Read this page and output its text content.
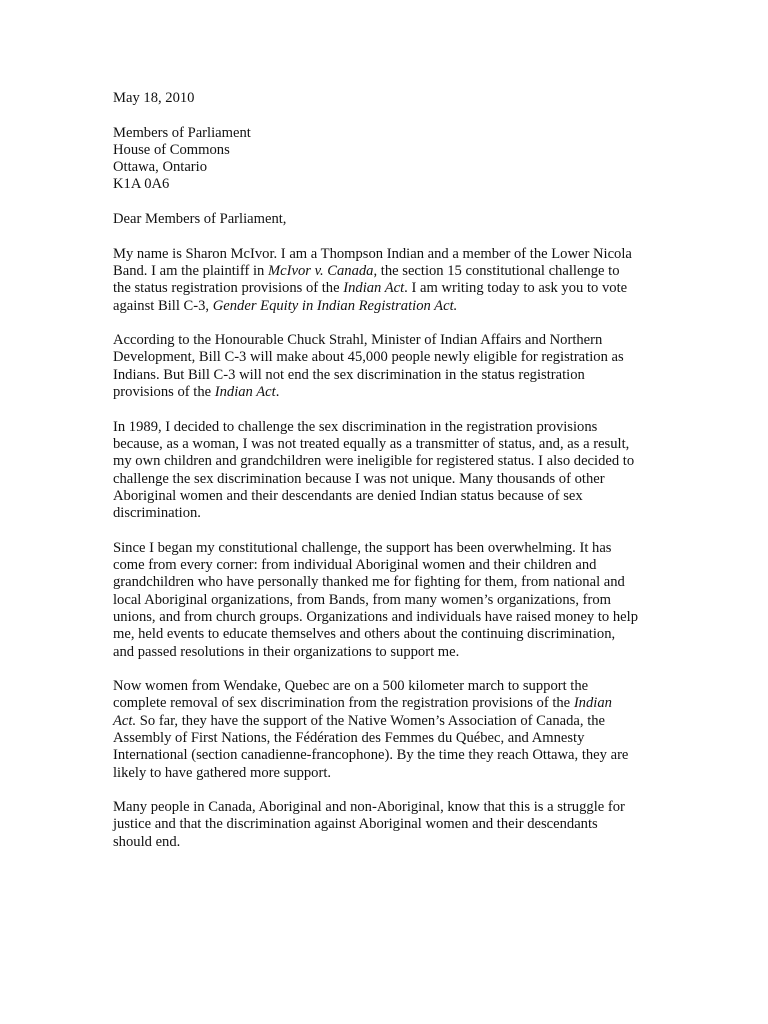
May 18, 2010

Members of Parliament
House of Commons
Ottawa, Ontario
K1A 0A6

Dear Members of Parliament,

My name is Sharon McIvor. I am a Thompson Indian and a member of the Lower Nicola
Band. I am the plaintiff in McIvor v. Canada, the section 15 constitutional challenge to
the status registration provisions of the Indian Act. I am writing today to ask you to vote
against Bill C-3, Gender Equity in Indian Registration Act.

According to the Honourable Chuck Strahl, Minister of Indian Affairs and Northern
Development, Bill C-3 will make about 45,000 people newly eligible for registration as
Indians. But Bill C-3 will not end the sex discrimination in the status registration
provisions of the Indian Act.

In 1989, I decided to challenge the sex discrimination in the registration provisions
because, as a woman, I was not treated equally as a transmitter of status, and, as a result,
my own children and grandchildren were ineligible for registered status. I also decided to
challenge the sex discrimination because I was not unique. Many thousands of other
Aboriginal women and their descendants are denied Indian status because of sex
discrimination.

Since I began my constitutional challenge, the support has been overwhelming. It has
come from every corner: from individual Aboriginal women and their children and
grandchildren who have personally thanked me for fighting for them, from national and
local Aboriginal organizations, from Bands, from many women’s organizations, from
unions, and from church groups. Organizations and individuals have raised money to help
me, held events to educate themselves and others about the continuing discrimination,
and passed resolutions in their organizations to support me.

Now women from Wendake, Quebec are on a 500 kilometer march to support the
complete removal of sex discrimination from the registration provisions of the Indian
Act. So far, they have the support of the Native Women’s Association of Canada, the
Assembly of First Nations, the Fédération des Femmes du Québec, and Amnesty
International (section canadienne-francophone). By the time they reach Ottawa, they are
likely to have gathered more support.

Many people in Canada, Aboriginal and non-Aboriginal, know that this is a struggle for
justice and that the discrimination against Aboriginal women and their descendants
should end.
